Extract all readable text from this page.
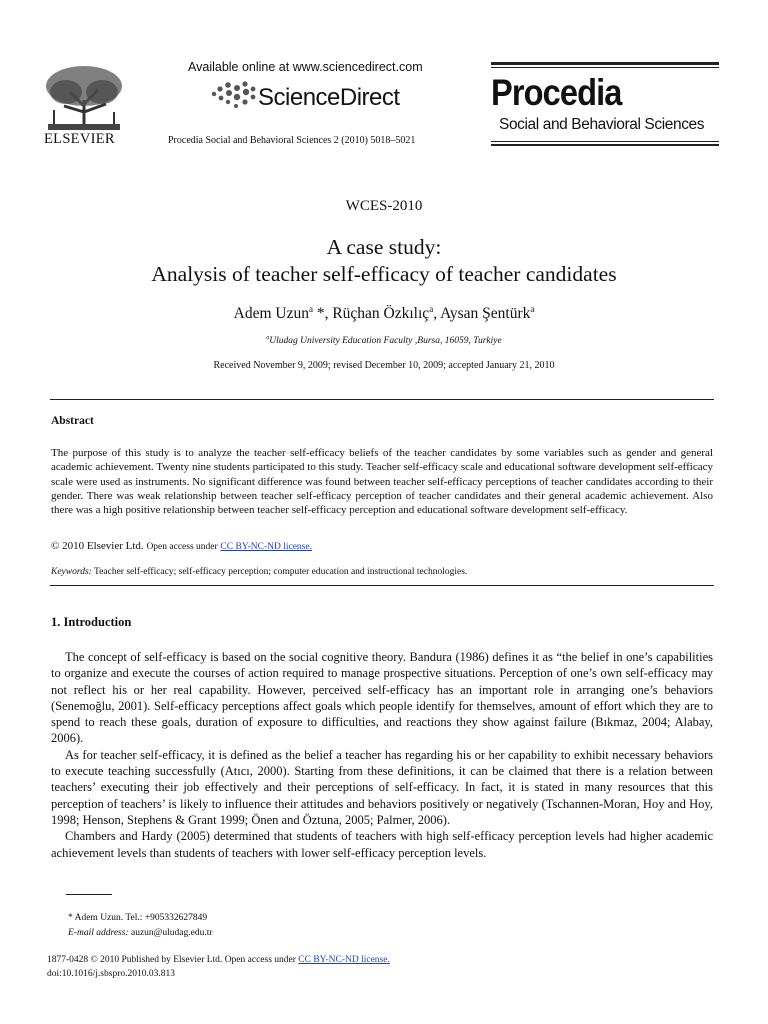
ELSEVIER
Available online at www.sciencedirect.com
ScienceDirect
Procedia Social and Behavioral Sciences 2 (2010) 5018–5021
Procedia
Social and Behavioral Sciences
WCES-2010
A case study:
Analysis of teacher self-efficacy of teacher candidates
Adem Uzun$^a$ *, Rüçhan Özkılıç$^a$, Aysan Şentürk$^a$
$^a$Uludag University Education Faculty ,Bursa, 16059, Turkiye
Received November 9, 2009; revised December 10, 2009; accepted January 21, 2010
Abstract
The purpose of this study is to analyze the teacher self-efficacy beliefs of the teacher candidates by some variables such as gender and general academic achievement. Twenty nine students participated to this study. Teacher self-efficacy scale and educational software development self-efficacy scale were used as instruments. No significant difference was found between teacher self-efficacy perceptions of teacher candidates according to their gender. There was weak relationship between teacher self-efficacy perception of teacher candidates and their general academic achievement. Also there was a high positive relationship between teacher self-efficacy perception and educational software development self-efficacy.
© 2010 Elsevier Ltd. Open access under CC BY-NC-ND license.
Keywords: Teacher self-efficacy; self-efficacy perception; computer education and instructional technologies.
1. Introduction

The concept of self-efficacy is based on the social cognitive theory. Bandura (1986) defines it as “the belief in one’s capabilities to organize and execute the courses of action required to manage prospective situations. Perception of one’s own self-efficacy may not reflect his or her real capability. However, perceived self-efficacy has an important role in arranging one’s behaviors (Senemoğlu, 2001). Self-efficacy perceptions affect goals which people identify for themselves, amount of effort which they are to spend to reach these goals, duration of exposure to difficulties, and reactions they show against failure (Bıkmaz, 2004; Alabay, 2006).

As for teacher self-efficacy, it is defined as the belief a teacher has regarding his or her capability to exhibit necessary behaviors to execute teaching successfully (Atıcı, 2000). Starting from these definitions, it can be claimed that there is a relation between teachers’ executing their job effectively and their perceptions of self-efficacy. In fact, it is stated in many resources that this perception of teachers’ is likely to influence their attitudes and behaviors positively or negatively (Tschannen-Moran, Hoy and Hoy, 1998; Henson, Stephens & Grant 1999; Önen and Öztuna, 2005; Palmer, 2006).

Chambers and Hardy (2005) determined that students of teachers with high self-efficacy perception levels had higher academic achievement levels than students of teachers with lower self-efficacy perception levels.

* Adem Uzun. Tel.: +905332627849
E-mail address: auzun@uludag.edu.tr
1877-0428 © 2010 Published by Elsevier Ltd. Open access under CC BY-NC-ND license.
doi:10.1016/j.sbspro.2010.03.813
